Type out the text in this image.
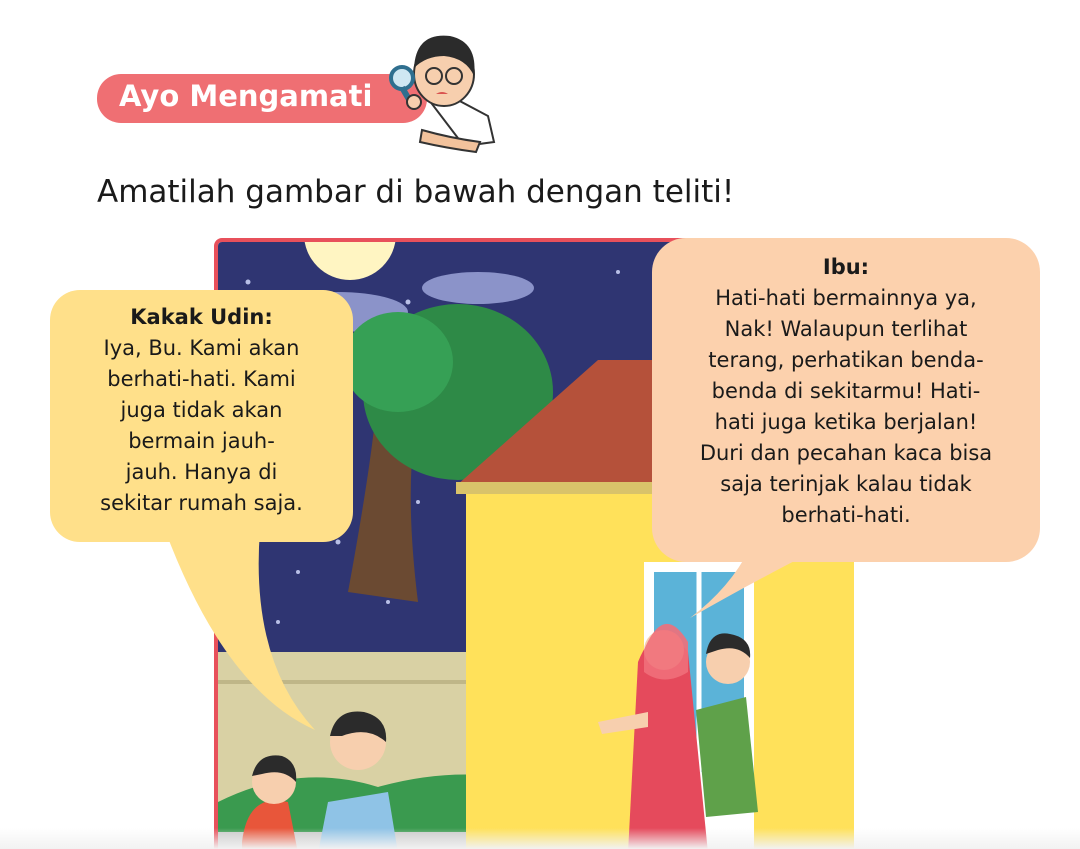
Ayo Mengamati
Amatilah gambar di bawah dengan teliti!
Kakak Udin:
Iya, Bu. Kami akan
berhati-hati. Kami
juga tidak akan
bermain jauh-
jauh. Hanya di
sekitar rumah saja.
Ibu:
Hati-hati bermainnya ya,
Nak! Walaupun terlihat
terang, perhatikan benda-
benda di sekitarmu! Hati-
hati juga ketika berjalan!
Duri dan pecahan kaca bisa
saja terinjak kalau tidak
berhati-hati.
